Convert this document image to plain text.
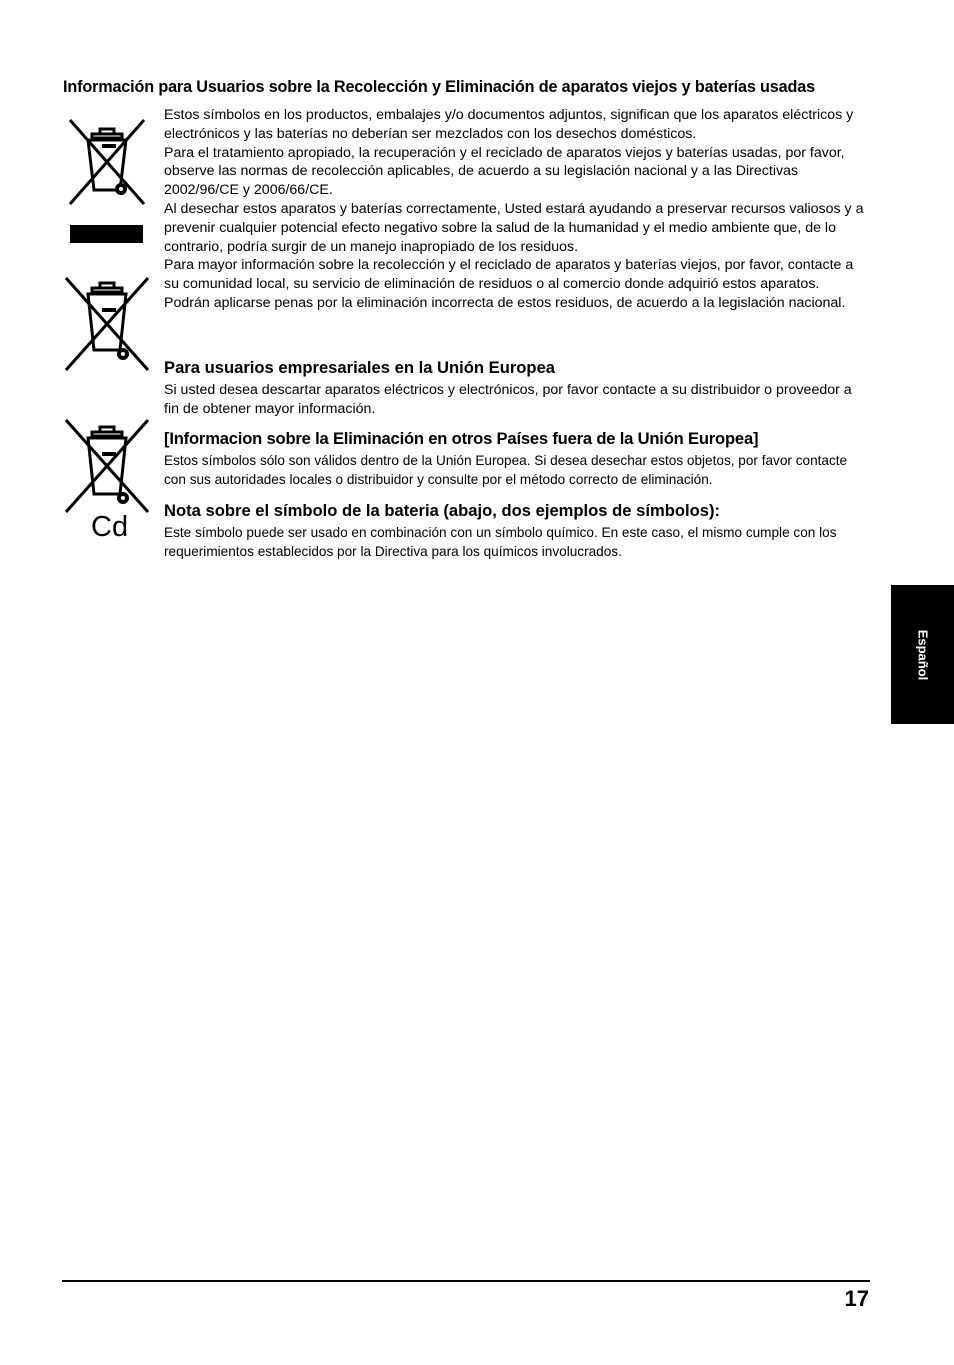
Información para Usuarios sobre la Recolección y Eliminación de aparatos viejos y baterías usadas
Cd

Estos símbolos en los productos, embalajes y/o documentos adjuntos, significan que los aparatos eléctricos y electrónicos y las baterías no deberían ser mezclados con los desechos domésticos.

Para el tratamiento apropiado, la recuperación y el reciclado de aparatos viejos y baterías usadas, por favor, observe las normas de recolección aplicables, de acuerdo a su legislación nacional y a las Directivas 2002/96/CE y 2006/66/CE.

Al desechar estos aparatos y baterías correctamente, Usted estará ayudando a preservar recursos valiosos y a prevenir cualquier potencial efecto negativo sobre la salud de la humanidad y el medio ambiente que, de lo contrario, podría surgir de un manejo inapropiado de los residuos.

Para mayor información sobre la recolección y el reciclado de aparatos y baterías viejos, por favor, contacte a su comunidad local, su servicio de eliminación de residuos o al comercio donde adquirió estos aparatos.

Podrán aplicarse penas por la eliminación incorrecta de estos residuos, de acuerdo a la legislación nacional.

Para usuarios empresariales en la Unión Europea

Si usted desea descartar aparatos eléctricos y electrónicos, por favor contacte a su distribuidor o proveedor a fin de obtener mayor información.

[Informacion sobre la Eliminación en otros Países fuera de la Unión Europea]

Estos símbolos sólo son válidos dentro de la Unión Europea. Si desea desechar estos objetos, por favor contacte con sus autoridades locales o distribuidor y consulte por el método correcto de eliminación.

Nota sobre el símbolo de la bateria (abajo, dos ejemplos de símbolos):

Este símbolo puede ser usado en combinación con un símbolo químico. En este caso, el mismo cumple con los requerimientos establecidos por la Directiva para los químicos involucrados.

Español
17
